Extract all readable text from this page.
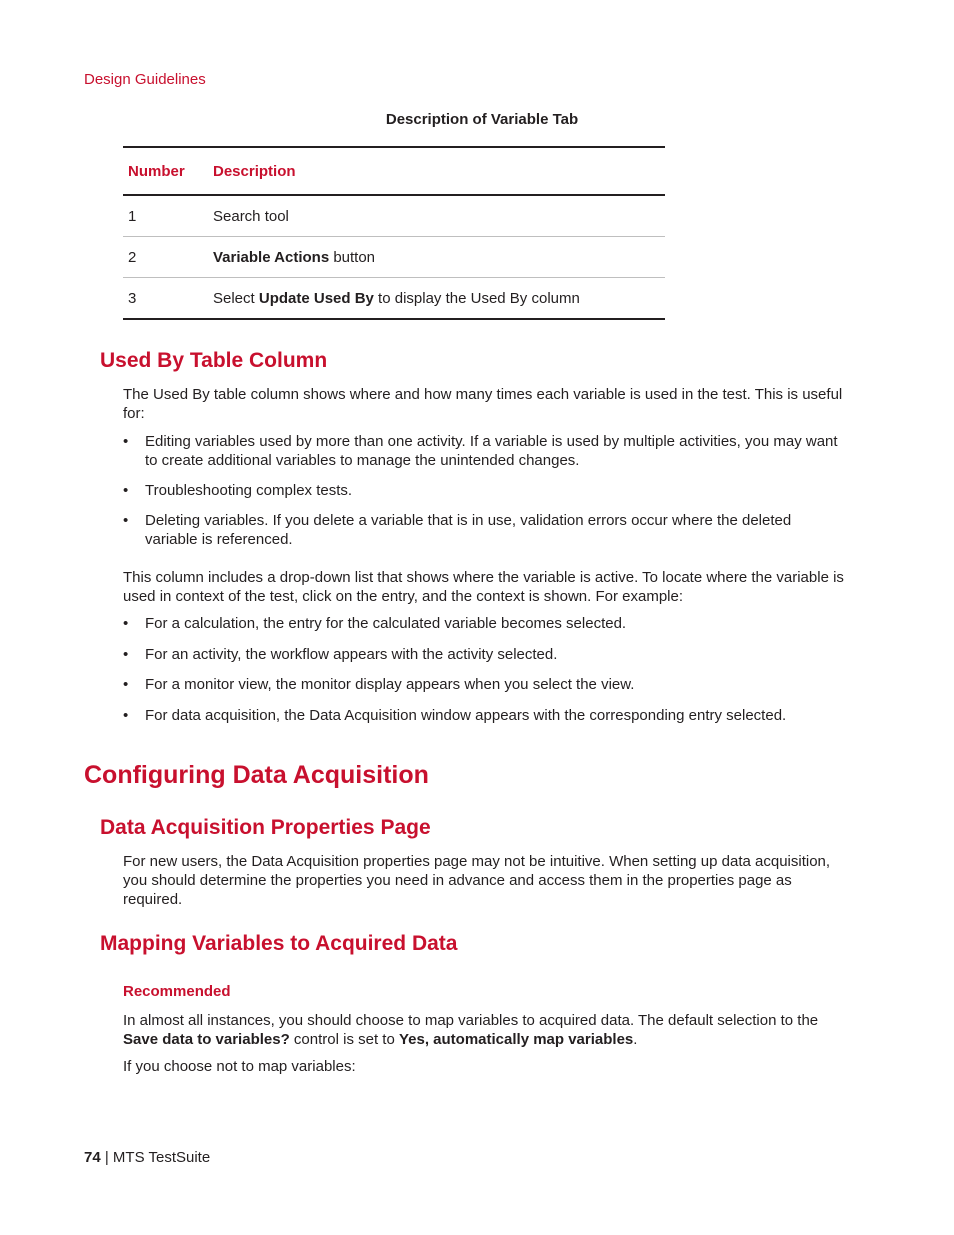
Design Guidelines
Description of Variable Tab
Number	Description
1	Search tool
2	Variable Actions button
3	Select Update Used By to display the Used By column
Used By Table Column

The Used By table column shows where and how many times each variable is used in the test. This is useful for:

• Editing variables used by more than one activity. If a variable is used by multiple activities, you may want to create additional variables to manage the unintended changes.
• Troubleshooting complex tests.
• Deleting variables. If you delete a variable that is in use, validation errors occur where the deleted variable is referenced.

This column includes a drop-down list that shows where the variable is active. To locate where the variable is used in context of the test, click on the entry, and the context is shown. For example:

• For a calculation, the entry for the calculated variable becomes selected.
• For an activity, the workflow appears with the activity selected.
• For a monitor view, the monitor display appears when you select the view.
• For data acquisition, the Data Acquisition window appears with the corresponding entry selected.
Configuring Data Acquisition
Data Acquisition Properties Page

For new users, the Data Acquisition properties page may not be intuitive. When setting up data acquisition, you should determine the properties you need in advance and access them in the properties page as required.

Mapping Variables to Acquired Data
Recommended

In almost all instances, you should choose to map variables to acquired data. The default selection to the Save data to variables? control is set to Yes, automatically map variables.

If you choose not to map variables:

74 | MTS TestSuite
